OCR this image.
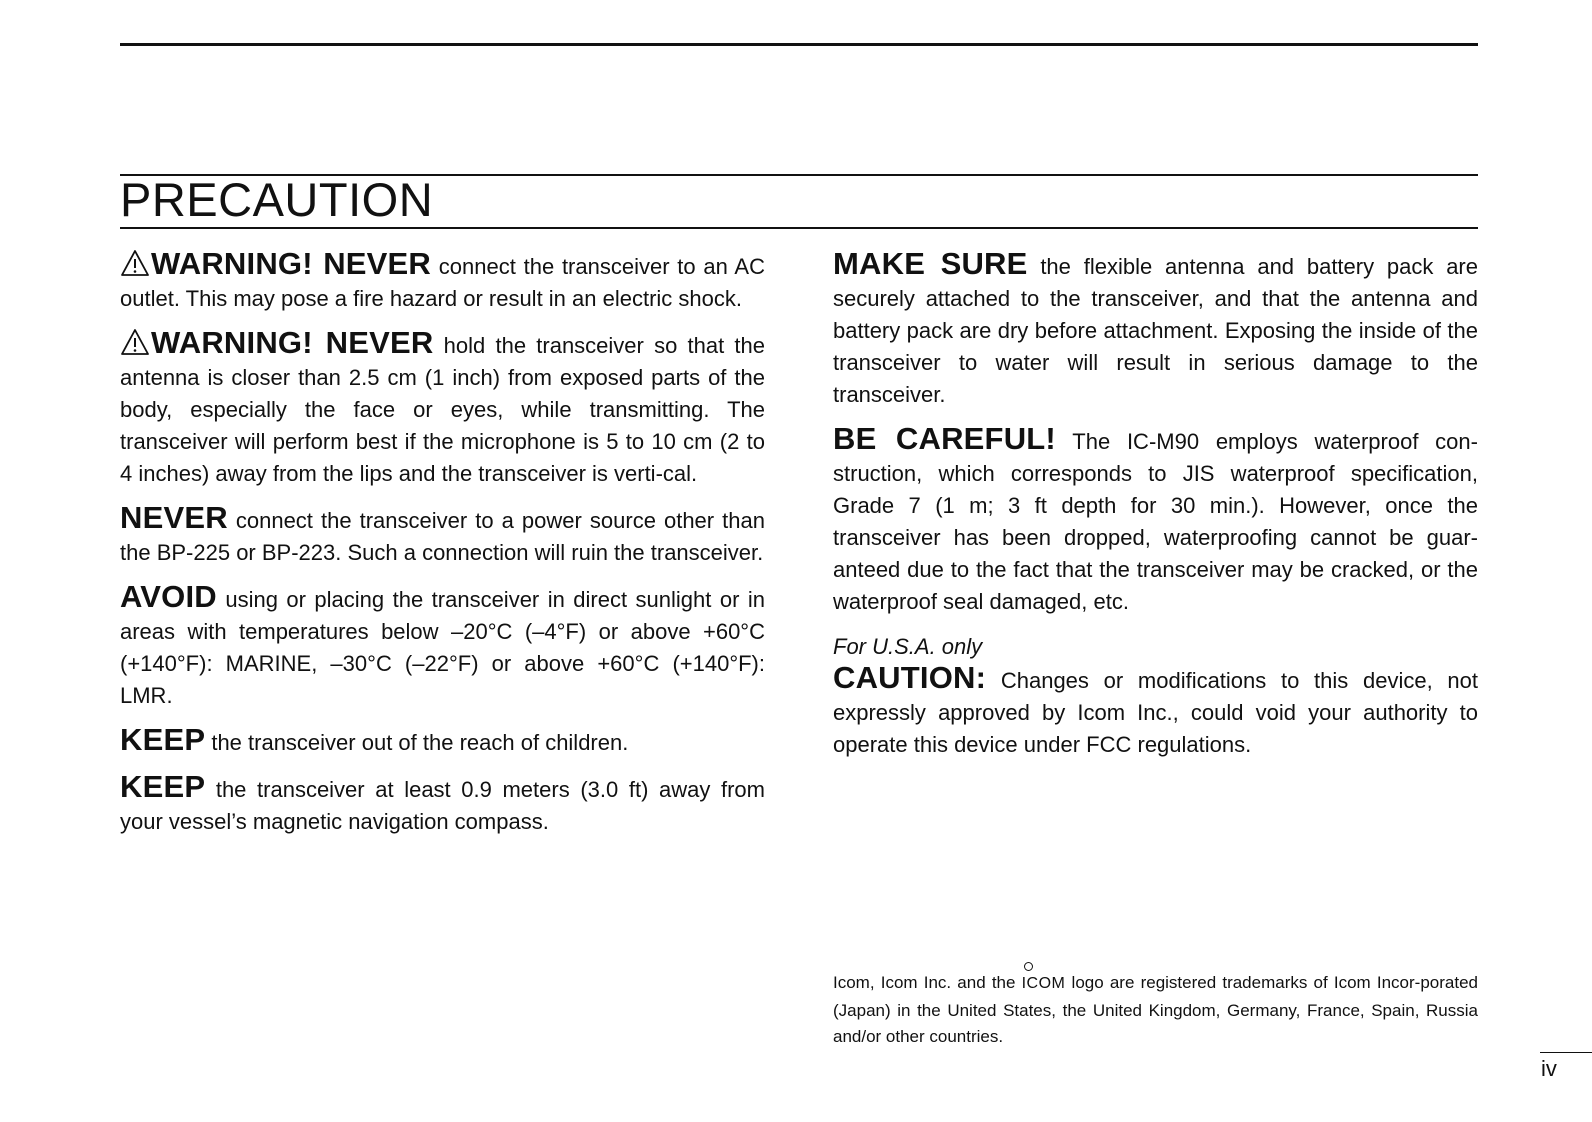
PRECAUTION

WARNING! NEVER connect the transceiver to an AC outlet. This may pose a fire hazard or result in an electric shock.

WARNING! NEVER hold the transceiver so that the antenna is closer than 2.5 cm (1 inch) from exposed parts of the body, especially the face or eyes, while transmitting. The transceiver will perform best if the microphone is 5 to 10 cm (2 to 4 inches) away from the lips and the transceiver is verti-cal.

NEVER connect the transceiver to a power source other than the BP-225 or BP-223. Such a connection will ruin the transceiver.

AVOID using or placing the transceiver in direct sunlight or in areas with temperatures below –20°C (–4°F) or above +60°C (+140°F): MARINE, –30°C (–22°F) or above +60°C (+140°F): LMR.

KEEP the transceiver out of the reach of children.

KEEP the transceiver at least 0.9 meters (3.0 ft) away from your vessel’s magnetic navigation compass.

MAKE SURE the flexible antenna and battery pack are securely attached to the transceiver, and that the antenna and battery pack are dry before attachment. Exposing the inside of the transceiver to water will result in serious damage to the transceiver.

BE CAREFUL! The IC-M90 employs waterproof con-struction, which corresponds to JIS waterproof specification, Grade 7 (1 m; 3 ft depth for 30 min.). However, once the transceiver has been dropped, waterproofing cannot be guar-anteed due to the fact that the transceiver may be cracked, or the waterproof seal damaged, etc.

For U.S.A. only

CAUTION: Changes or modifications to this device, not expressly approved by Icom Inc., could void your authority to operate this device under FCC regulations.

Icom, Icom Inc. and the
ICOM logo are registered trademarks of Icom Incor-porated (Japan) in the United States, the United Kingdom, Germany, France, Spain, Russia and/or other countries.

iv
